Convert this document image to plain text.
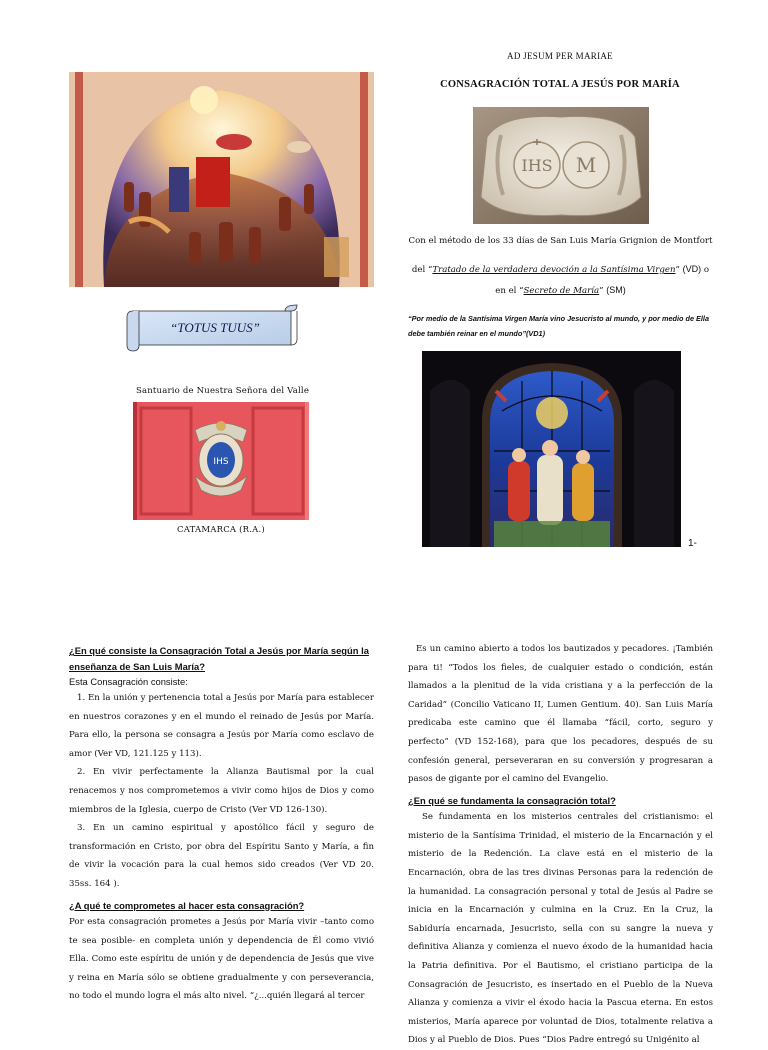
“TOTUS TUUS”
Santuario de Nuestra Señora del Valle
IHS
CATAMARCA (R.A.)
AD JESUM PER MARIAE
CONSAGRACIÓN TOTAL A JESÚS POR MARÍA
IHS M
Con el método de los 33 días de San Luis María Grignion de Montfort
del “Tratado de la verdadera devoción a la Santísima Virgen” (VD) o
en el “Secreto de María” (SM)
“Por medio de la Santísima Virgen María vino Jesucristo al mundo, y por medio de Ella
debe también reinar en el mundo”(VD1)
1-

¿En qué consiste la Consagración Total a Jesús por María según la

enseñanza de San Luis María?

Esta Consagración consiste:

1. En la unión y pertenencia total a Jesús por María para establecer en nuestros corazones y en el mundo el reinado de Jesús por María. Para ello, la persona se consagra a Jesús por María como esclavo de amor (Ver VD, 121.125 y 113).

2. En vivir perfectamente la Alianza Bautismal por la cual renacemos y nos comprometemos a vivir como hijos de Dios y como miembros de la Iglesia, cuerpo de Cristo (Ver VD 126-130).

3. En un camino espiritual y apostólico fácil y seguro de transformación en Cristo, por obra del Espíritu Santo y María, a fin de vivir la vocación para la cual hemos sido creados (Ver VD 20. 35ss. 164 ).

¿A qué te comprometes al hacer esta consagración?

Por esta consagración prometes a Jesús por María vivir –tanto como te sea posible- en completa unión y dependencia de Él como vivió Ella. Como este espíritu de unión y de dependencia de Jesús que vive y reina en María sólo se obtiene gradualmente y con perseverancia, no todo el mundo logra el más alto nivel. “¿...quién llegará al tercer

Es un camino abierto a todos los bautizados y pecadores. ¡También para ti! “Todos los fieles, de cualquier estado o condición, están llamados a la plenitud de la vida cristiana y a la perfección de la Caridad” (Concilio Vaticano II, Lumen Gentium. 40). San Luis María predicaba este camino que él llamaba “fácil, corto, seguro y perfecto” (VD 152-168), para que los pecadores, después de su confesión general, perseveraran en su conversión y progresaran a pasos de gigante por el camino del Evangelio.

¿En qué se fundamenta la consagración total?

Se fundamenta en los misterios centrales del cristianismo: el misterio de la Santísima Trinidad, el misterio de la Encarnación y el misterio de la Redención. La clave está en el misterio de la Encarnación, obra de las tres divinas Personas para la redención de la humanidad. La consagración personal y total de Jesús al Padre se inicia en la Encarnación y culmina en la Cruz. En la Cruz, la Sabiduría encarnada, Jesucristo, sella con su sangre la nueva y definitiva Alianza y comienza el nuevo éxodo de la humanidad hacia la Patria definitiva. Por el Bautismo, el cristiano participa de la Consagración de Jesucristo, es insertado en el Pueblo de la Nueva Alianza y comienza a vivir el éxodo hacia la Pascua eterna. En estos misterios, María aparece por voluntad de Dios, totalmente relativa a Dios y al Pueblo de Dios. Pues “Dios Padre entregó su Unigénito al
